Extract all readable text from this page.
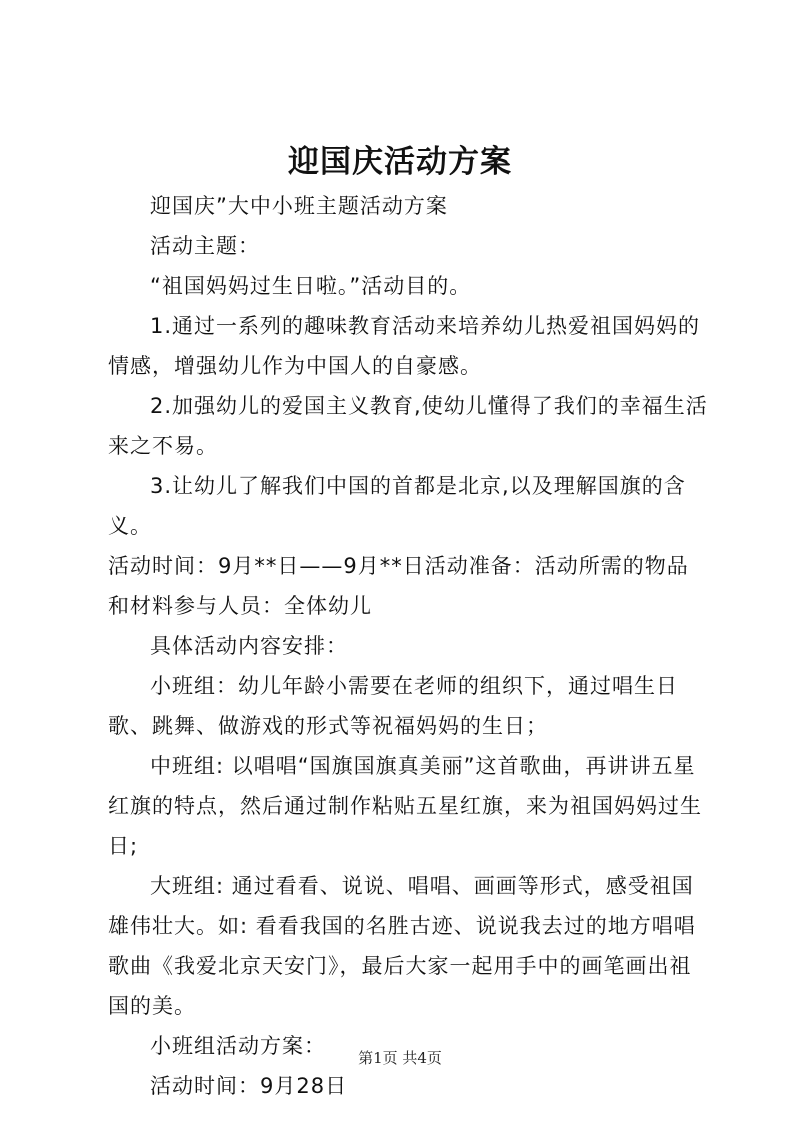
迎国庆活动方案

迎国庆”大中小班主题活动方案

活动主题：

“祖国妈妈过生日啦。”活动目的。

1.通过一系列的趣味教育活动来培养幼儿热爱祖国妈妈的情感，增强幼儿作为中国人的自豪感。

2.加强幼儿的爱国主义教育,使幼儿懂得了我们的幸福生活来之不易。

3.让幼儿了解我们中国的首都是北京,以及理解国旗的含义。

活动时间：9月**日——9月**日活动准备：活动所需的物品和材料参与人员：全体幼儿

具体活动内容安排：

小班组：幼儿年龄小需要在老师的组织下，通过唱生日歌、跳舞、做游戏的形式等祝福妈妈的生日；

中班组: 以唱唱“国旗国旗真美丽”这首歌曲，再讲讲五星红旗的特点，然后通过制作粘贴五星红旗，来为祖国妈妈过生日;

大班组: 通过看看、说说、唱唱、画画等形式，感受祖国雄伟壮大。如: 看看我国的名胜古迹、说说我去过的地方唱唱歌曲《我爱北京天安门》，最后大家一起用手中的画笔画出祖国的美。

小班组活动方案：

活动时间：9月28日

第1页 共4页
